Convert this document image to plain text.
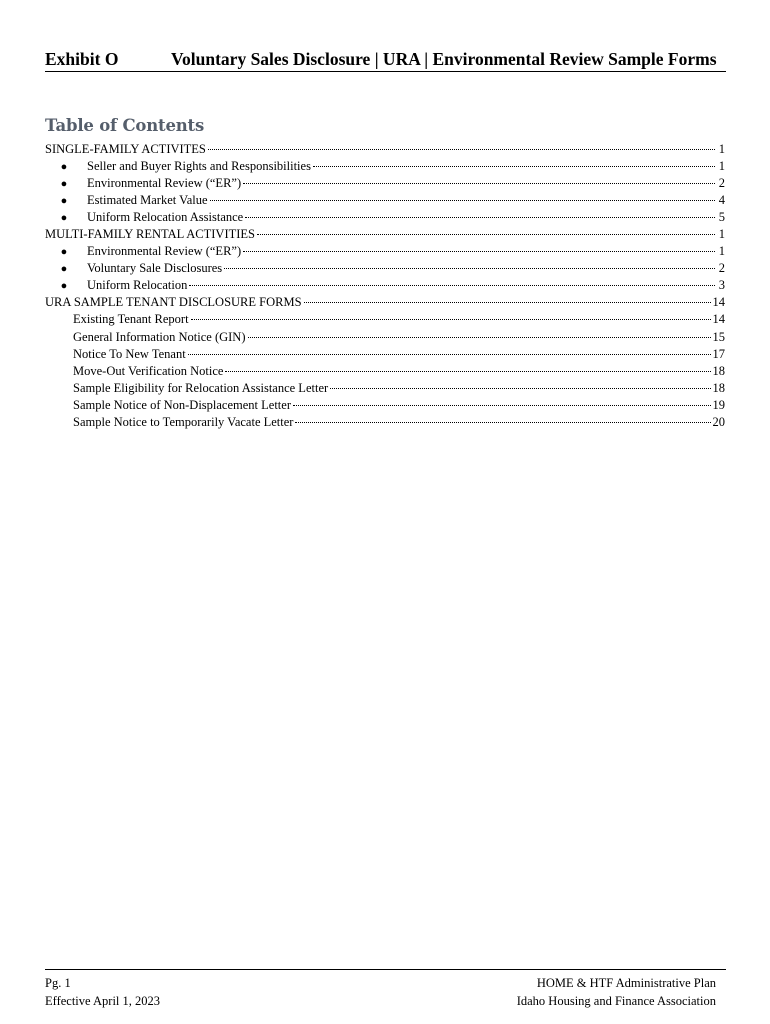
Exhibit O	Voluntary Sales Disclosure | URA | Environmental Review Sample Forms
Table of Contents
SINGLE-FAMILY ACTIVITES	1
● Seller and Buyer Rights and Responsibilities	1
● Environmental Review (“ER”)	2
● Estimated Market Value	4
● Uniform Relocation Assistance	5
MULTI-FAMILY RENTAL ACTIVITIES	1
● Environmental Review (“ER”)	1
● Voluntary Sale Disclosures	2
● Uniform Relocation	3
URA SAMPLE TENANT DISCLOSURE FORMS	14
Existing Tenant Report	14
General Information Notice (GIN)	15
Notice To New Tenant	17
Move-Out Verification Notice	18
Sample Eligibility for Relocation Assistance Letter	18
Sample Notice of Non-Displacement Letter	19
Sample Notice to Temporarily Vacate Letter	20
Pg. 1
Effective April 1, 2023
HOME & HTF Administrative Plan
Idaho Housing and Finance Association
